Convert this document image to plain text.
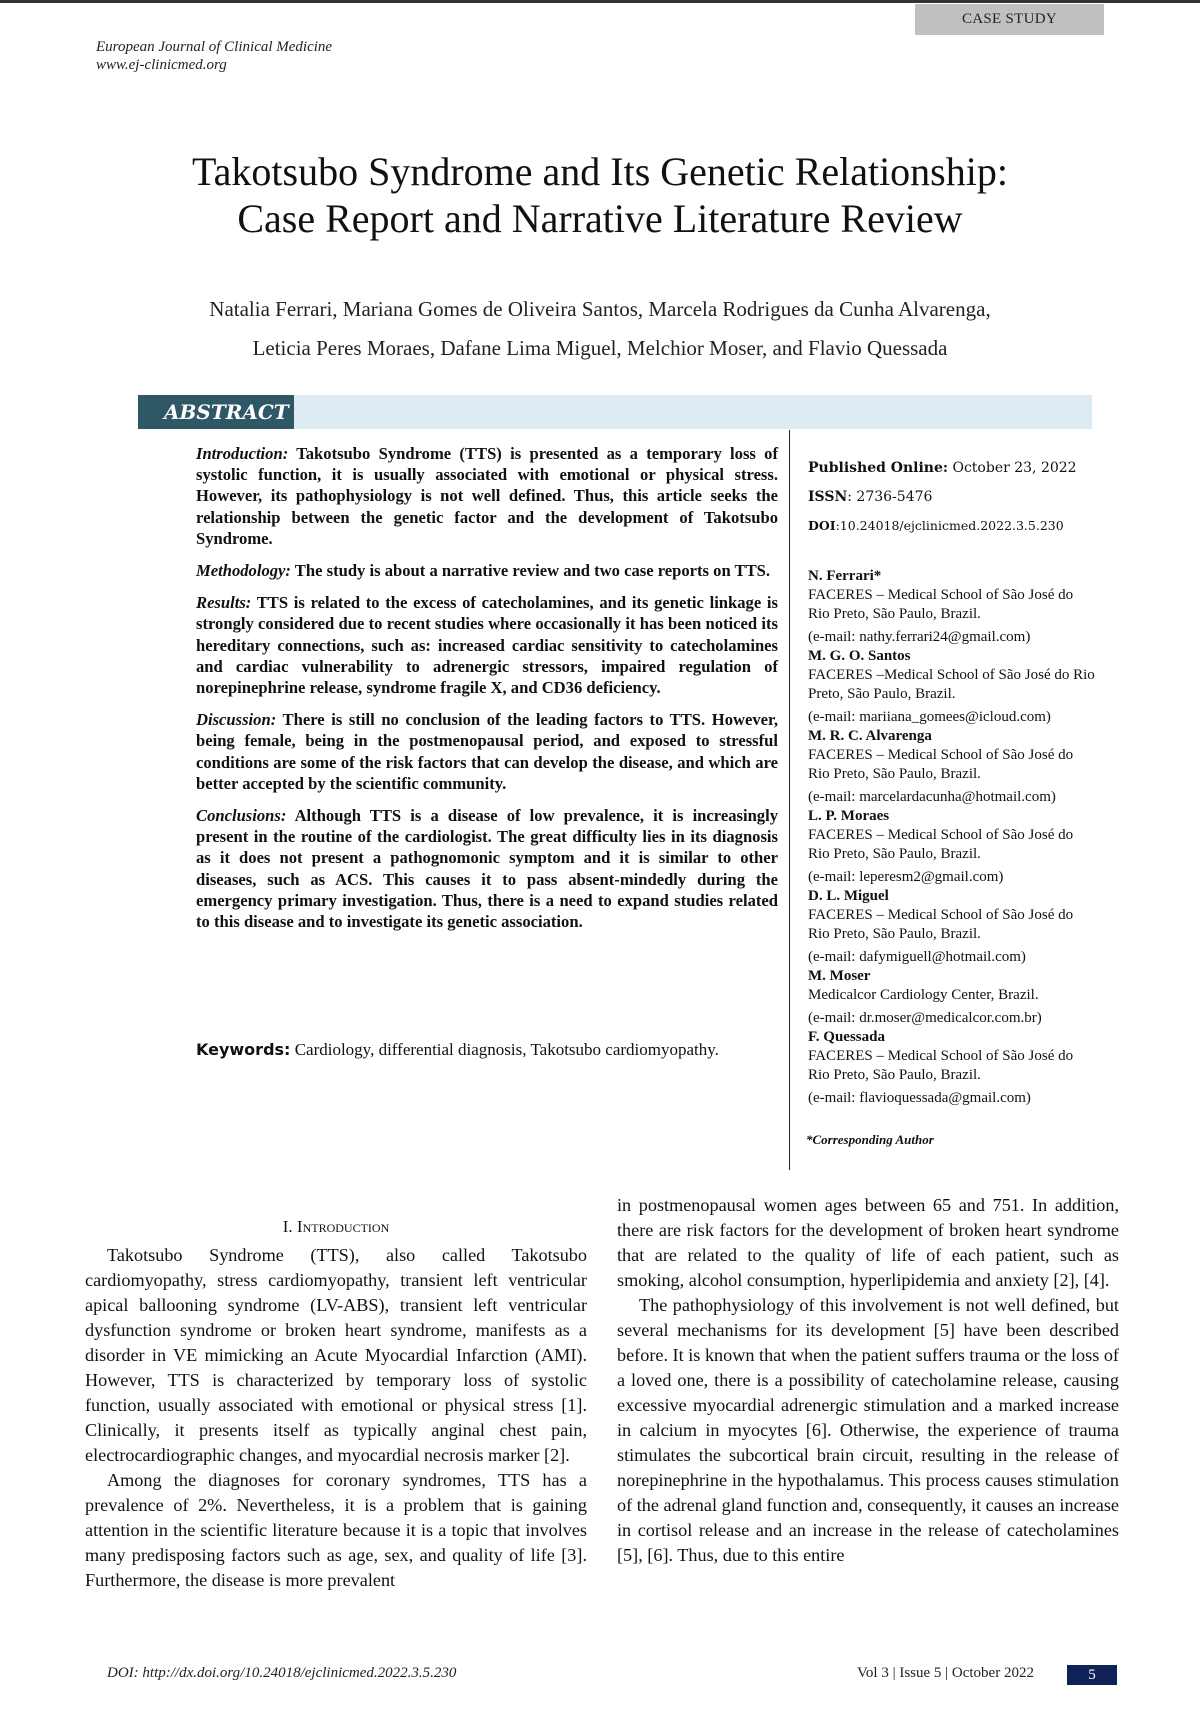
CASE STUDY
European Journal of Clinical Medicine
www.ej-clinicmed.org
Takotsubo Syndrome and Its Genetic Relationship:
Case Report and Narrative Literature Review
Natalia Ferrari, Mariana Gomes de Oliveira Santos, Marcela Rodrigues da Cunha Alvarenga,
Leticia Peres Moraes, Dafane Lima Miguel, Melchior Moser, and Flavio Quessada
ABSTRACT

Introduction: Takotsubo Syndrome (TTS) is presented as a temporary loss of systolic function, it is usually associated with emotional or physical stress. However, its pathophysiology is not well defined. Thus, this article seeks the relationship between the genetic factor and the development of Takotsubo Syndrome.

Methodology: The study is about a narrative review and two case reports on TTS.

Results: TTS is related to the excess of catecholamines, and its genetic linkage is strongly considered due to recent studies where occasionally it has been noticed its hereditary connections, such as: increased cardiac sensitivity to catecholamines and cardiac vulnerability to adrenergic stressors, impaired regulation of norepinephrine release, syndrome fragile X, and CD36 deficiency.

Discussion: There is still no conclusion of the leading factors to TTS. However, being female, being in the postmenopausal period, and exposed to stressful conditions are some of the risk factors that can develop the disease, and which are better accepted by the scientific community.

Conclusions: Although TTS is a disease of low prevalence, it is increasingly present in the routine of the cardiologist. The great difficulty lies in its diagnosis as it does not present a pathognomonic symptom and it is similar to other diseases, such as ACS. This causes it to pass absent-mindedly during the emergency primary investigation. Thus, there is a need to expand studies related to this disease and to investigate its genetic association.

Keywords: Cardiology, differential diagnosis, Takotsubo cardiomyopathy.
Published Online: October 23, 2022
ISSN: 2736-5476
DOI:10.24018/ejclinicmed.2022.3.5.230
N. Ferrari*
FACERES – Medical School of São José do Rio Preto, São Paulo, Brazil.
(e-mail: nathy.ferrari24@gmail.com)
M. G. O. Santos
FACERES –Medical School of São José do Rio Preto, São Paulo, Brazil.
(e-mail: mariiana_gomees@icloud.com)
M. R. C. Alvarenga
FACERES – Medical School of São José do Rio Preto, São Paulo, Brazil.
(e-mail: marcelardacunha@hotmail.com)
L. P. Moraes
FACERES – Medical School of São José do Rio Preto, São Paulo, Brazil.
(e-mail: leperesm2@gmail.com)
D. L. Miguel
FACERES – Medical School of São José do Rio Preto, São Paulo, Brazil.
(e-mail: dafymiguell@hotmail.com)
M. Moser
Medicalcor Cardiology Center, Brazil.
(e-mail: dr.moser@medicalcor.com.br)
F. Quessada
FACERES – Medical School of São José do Rio Preto, São Paulo, Brazil.
(e-mail: flavioquessada@gmail.com)
*Corresponding Author
I. Introduction

Takotsubo Syndrome (TTS), also called Takotsubo cardiomyopathy, stress cardiomyopathy, transient left ventricular apical ballooning syndrome (LV-ABS), transient left ventricular dysfunction syndrome or broken heart syndrome, manifests as a disorder in VE mimicking an Acute Myocardial Infarction (AMI). However, TTS is characterized by temporary loss of systolic function, usually associated with emotional or physical stress [1]. Clinically, it presents itself as typically anginal chest pain, electrocardiographic changes, and myocardial necrosis marker [2].

Among the diagnoses for coronary syndromes, TTS has a prevalence of 2%. Nevertheless, it is a problem that is gaining attention in the scientific literature because it is a topic that involves many predisposing factors such as age, sex, and quality of life [3]. Furthermore, the disease is more prevalent

in postmenopausal women ages between 65 and 751. In addition, there are risk factors for the development of broken heart syndrome that are related to the quality of life of each patient, such as smoking, alcohol consumption, hyperlipidemia and anxiety [2], [4].

The pathophysiology of this involvement is not well defined, but several mechanisms for its development [5] have been described before. It is known that when the patient suffers trauma or the loss of a loved one, there is a possibility of catecholamine release, causing excessive myocardial adrenergic stimulation and a marked increase in calcium in myocytes [6]. Otherwise, the experience of trauma stimulates the subcortical brain circuit, resulting in the release of norepinephrine in the hypothalamus. This process causes stimulation of the adrenal gland function and, consequently, it causes an increase in cortisol release and an increase in the release of catecholamines [5], [6]. Thus, due to this entire

DOI: http://dx.doi.org/10.24018/ejclinicmed.2022.3.5.230	Vol 3 | Issue 5 | October 2022	5
